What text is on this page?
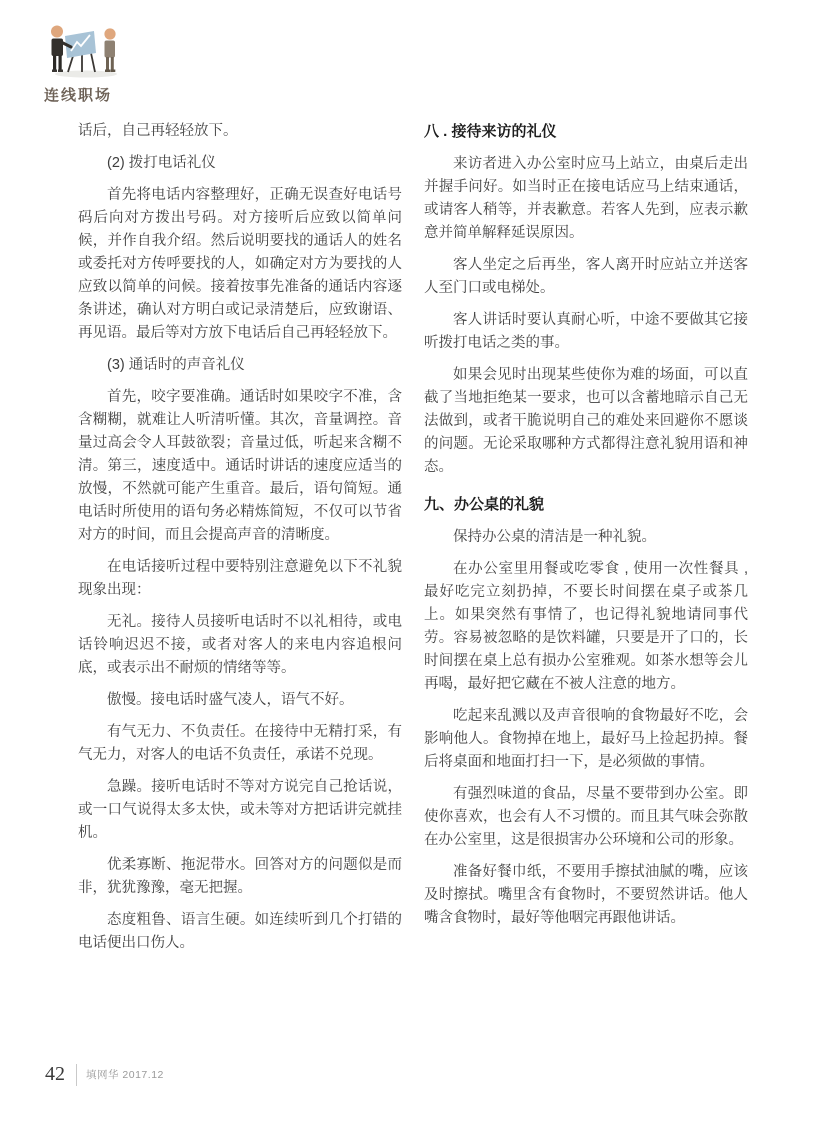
连线职场

话后，自己再轻轻放下。

(2) 拨打电话礼仪

首先将电话内容整理好，正确无误查好电话号码后向对方拨出号码。对方接听后应致以简单问候，并作自我介绍。然后说明要找的通话人的姓名或委托对方传呼要找的人，如确定对方为要找的人应致以简单的问候。接着按事先准备的通话内容逐条讲述，确认对方明白或记录清楚后，应致谢语、再见语。最后等对方放下电话后自己再轻轻放下。

(3) 通话时的声音礼仪

首先，咬字要准确。通话时如果咬字不准，含含糊糊，就难让人听清听懂。其次，音量调控。音量过高会令人耳鼓欲裂；音量过低，听起来含糊不清。第三，速度适中。通话时讲话的速度应适当的放慢，不然就可能产生重音。最后，语句简短。通电话时所使用的语句务必精炼简短，不仅可以节省对方的时间，而且会提高声音的清晰度。

在电话接听过程中要特别注意避免以下不礼貌现象出现：

无礼。接待人员接听电话时不以礼相待，或电话铃响迟迟不接，或者对客人的来电内容追根问底，或表示出不耐烦的情绪等等。

傲慢。接电话时盛气凌人，语气不好。

有气无力、不负责任。在接待中无精打采，有气无力，对客人的电话不负责任，承诺不兑现。

急躁。接听电话时不等对方说完自己抢话说，或一口气说得太多太快，或未等对方把话讲完就挂机。

优柔寡断、拖泥带水。回答对方的问题似是而非，犹犹豫豫，毫无把握。

态度粗鲁、语言生硬。如连续听到几个打错的电话便出口伤人。

八 . 接待来访的礼仪

来访者进入办公室时应马上站立，由桌后走出并握手问好。如当时正在接电话应马上结束通话，或请客人稍等，并表歉意。若客人先到，应表示歉意并简单解释延误原因。

客人坐定之后再坐，客人离开时应站立并送客人至门口或电梯处。

客人讲话时要认真耐心听，中途不要做其它接听拨打电话之类的事。

如果会见时出现某些使你为难的场面，可以直截了当地拒绝某一要求，也可以含蓄地暗示自己无法做到，或者干脆说明自己的难处来回避你不愿谈的问题。无论采取哪种方式都得注意礼貌用语和神态。

九、办公桌的礼貌

保持办公桌的清洁是一种礼貌。

在办公室里用餐或吃零食 , 使用一次性餐具 , 最好吃完立刻扔掉，不要长时间摆在桌子或茶几上。如果突然有事情了，也记得礼貌地请同事代劳。容易被忽略的是饮料罐，只要是开了口的，长时间摆在桌上总有损办公室雅观。如茶水想等会儿再喝，最好把它藏在不被人注意的地方。

吃起来乱溅以及声音很响的食物最好不吃，会影响他人。食物掉在地上，最好马上捡起扔掉。餐后将桌面和地面打扫一下，是必须做的事情。

有强烈味道的食品，尽量不要带到办公室。即使你喜欢，也会有人不习惯的。而且其气味会弥散在办公室里，这是很损害办公环境和公司的形象。

准备好餐巾纸，不要用手擦拭油腻的嘴，应该及时擦拭。嘴里含有食物时，不要贸然讲话。他人嘴含食物时，最好等他咽完再跟他讲话。

42 填网华 2017.12
